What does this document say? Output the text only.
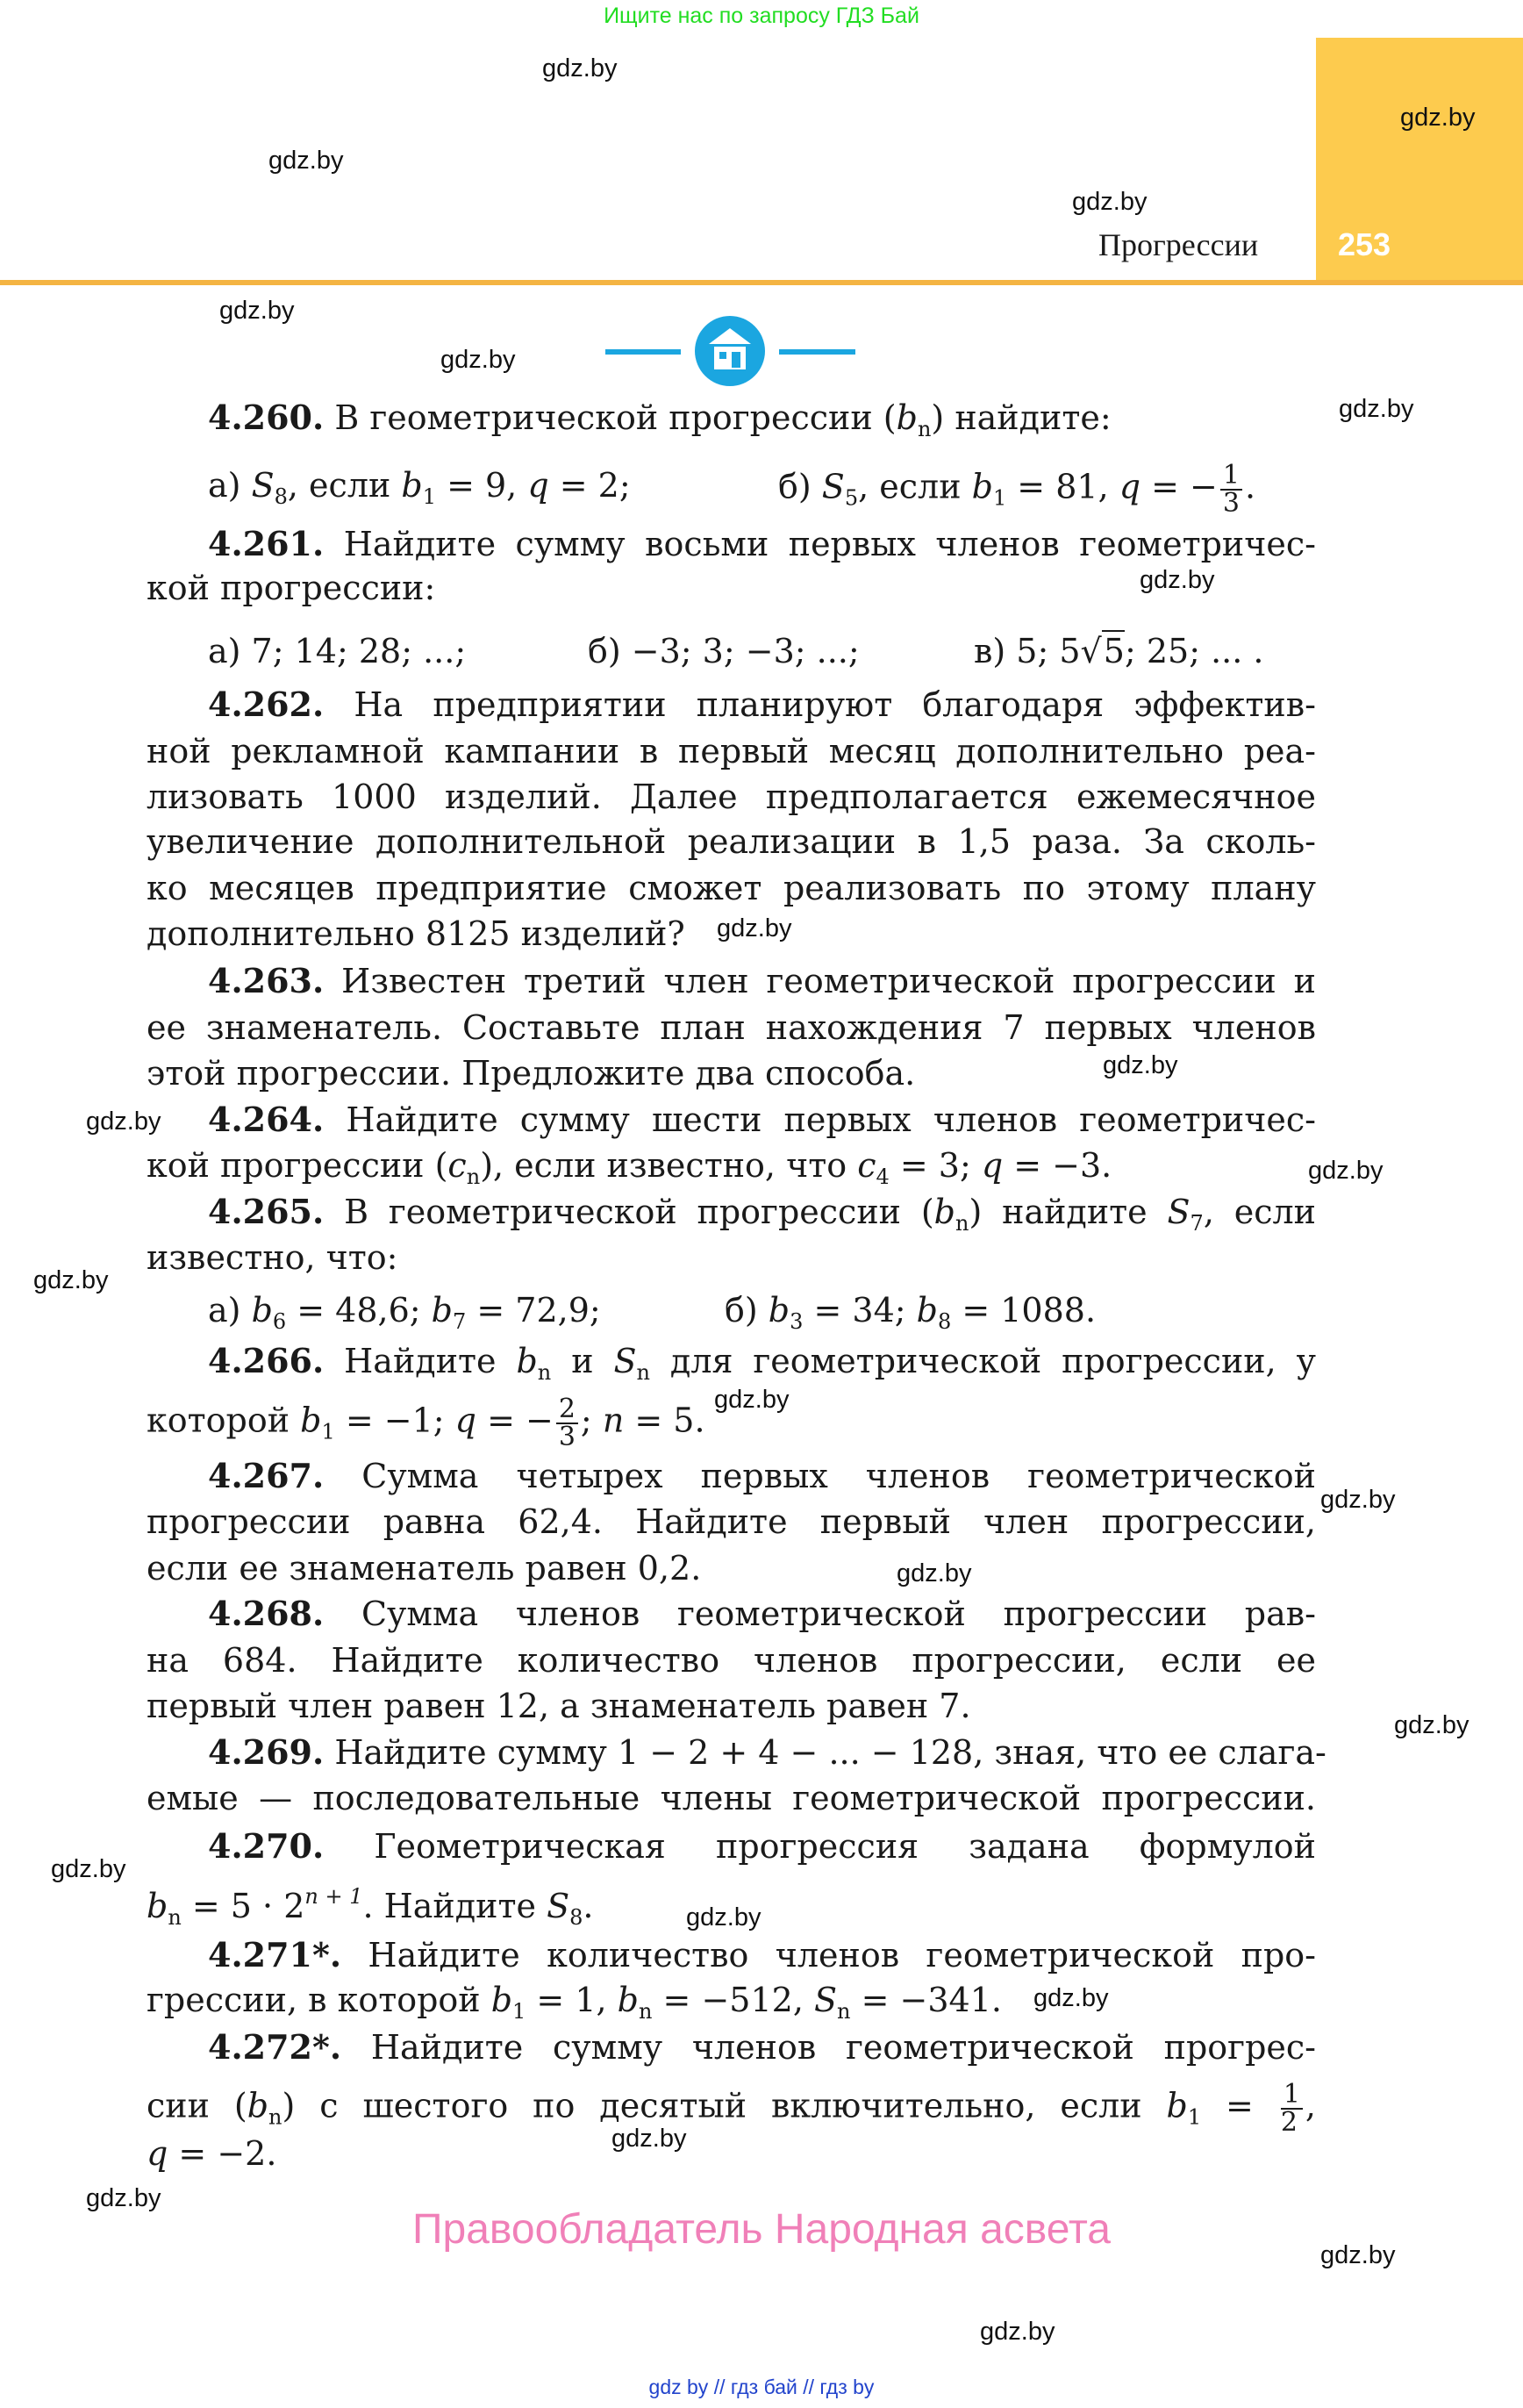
Ищите нас по запросу ГДЗ Бай
253
Прогрессии
4.260. В геометрической прогрессии $(b_n)$ найдите:
а) $S_8$, если $b_1 = 9$, q = 2;	б) $S_5$, если $b_1 = 81$, q = − $\frac{1}{3}$ .
4.261. Найдите сумму восьми первых членов геометричес-
кой прогрессии:
а) 7; 14; 28; ...;	б) −3; 3; −3; ...;	в) 5; 5√5; 25; ... .
4.262. На предприятии планируют благодаря эффектив-
ной рекламной кампании в первый месяц дополнительно реа-
лизовать 1000 изделий. Далее предполагается ежемесячное
увеличение дополнительной реализации в 1,5 раза. За сколь-
ко месяцев предприятие сможет реализовать по этому плану
дополнительно 8125 изделий?
4.263. Известен третий член геометрической прогрессии и
ее знаменатель. Составьте план нахождения 7 первых членов
этой прогрессии. Предложите два способа.
4.264. Найдите сумму шести первых членов геометричес-
кой прогрессии $(c_n)$, если известно, что $c_4 = 3$; q = −3.
4.265. В геометрической прогрессии $(b_n)$ найдите $S_7$, если
известно, что:
а) $b_6 = 48,6$; $b_7 = 72,9$;	б) $b_3 = 34$; $b_8 = 1088$.
4.266. Найдите $b_n$ и $S_n$ для геометрической прогрессии, у
которой $b_1 = -1$; q = − $\frac{2}{3}$ ; n = 5.
4.267. Сумма четырех первых членов геометрической
прогрессии равна 62,4. Найдите первый член прогрессии,
если ее знаменатель равен 0,2.
4.268. Сумма членов геометрической прогрессии рав-
на 684. Найдите количество членов прогрессии, если ее
первый член равен 12, а знаменатель равен 7.
4.269. Найдите сумму 1 − 2 + 4 − ... − 128, зная, что ее слага-
емые — последовательные члены геометрической прогрессии.
4.270. Геометрическая прогрессия задана формулой
$b_n = 5 \cdot 2^{n + 1}$. Найдите $S_8$.
4.271*. Найдите количество членов геометрической про-
грессии, в которой $b_1 = 1$, $b_n = -512$, $S_n = -341$.
4.272*. Найдите сумму членов геометрической прогрес-
сии $(b_n)$ с шестого по десятый включительно, если $b_1 = \frac{1}{2}$ ,
q = −2.
gdz.by
gdz.by
gdz.by
gdz.by
gdz.by
gdz.by
gdz.by
gdz.by
gdz.by
gdz.by
gdz.by
gdz.by
gdz.by
gdz.by
gdz.by
gdz.by
gdz.by
gdz.by
gdz.by
gdz.by
gdz.by
gdz.by
gdz.by
gdz.by
Правообладатель Народная асвета
gdz by // гдз бай // гдз by
